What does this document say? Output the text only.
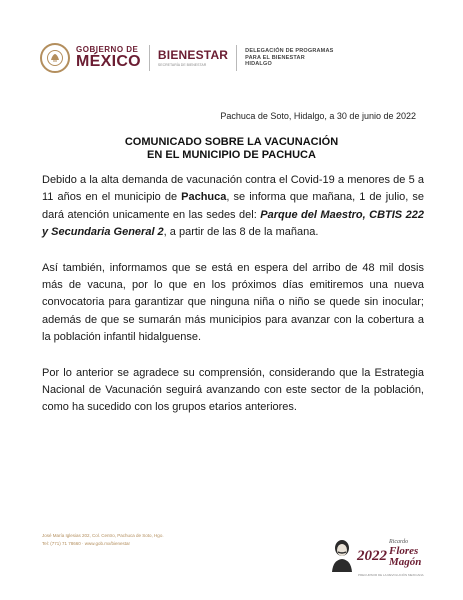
GOBIERNO DE
MÉXICO BIENESTAR
SECRETARÍA DE BIENESTAR
DELEGACIÓN DE PROGRAMAS
PARA EL BIENESTAR
HIDALGO
Pachuca de Soto, Hidalgo, a 30 de junio de 2022
COMUNICADO SOBRE LA VACUNACIÓN
EN EL MUNICIPIO DE PACHUCA

Debido a la alta demanda de vacunación contra el Covid-19 a menores de 5 a 11 años en el municipio de Pachuca, se informa que mañana, 1 de julio, se dará atención unicamente en las sedes del: Parque del Maestro, CBTIS 222 y Secundaria General 2, a partir de las 8 de la mañana.

Así también, informamos que se está en espera del arribo de 48 mil dosis más de vacuna, por lo que en los próximos días emitiremos una nueva convocatoria para garantizar que ninguna niña o niño se quede sin inocular; además de que se sumarán más municipios para avanzar con la cobertura a la población infantil hidalguense.

Por lo anterior se agradece su comprensión, considerando que la Estrategia Nacional de Vacunación seguirá avanzando con este sector de la población, como ha sucedido con los grupos etarios anteriores.

José María Iglesias 202, Col. Centro, Pachuca de Soto, Hgo.
Tel: (771) 71 78660 · www.gob.mx/bienestar
2022
Ricardo
Flores
Magón
PRECURSOR DE LA REVOLUCIÓN MEXICANA
